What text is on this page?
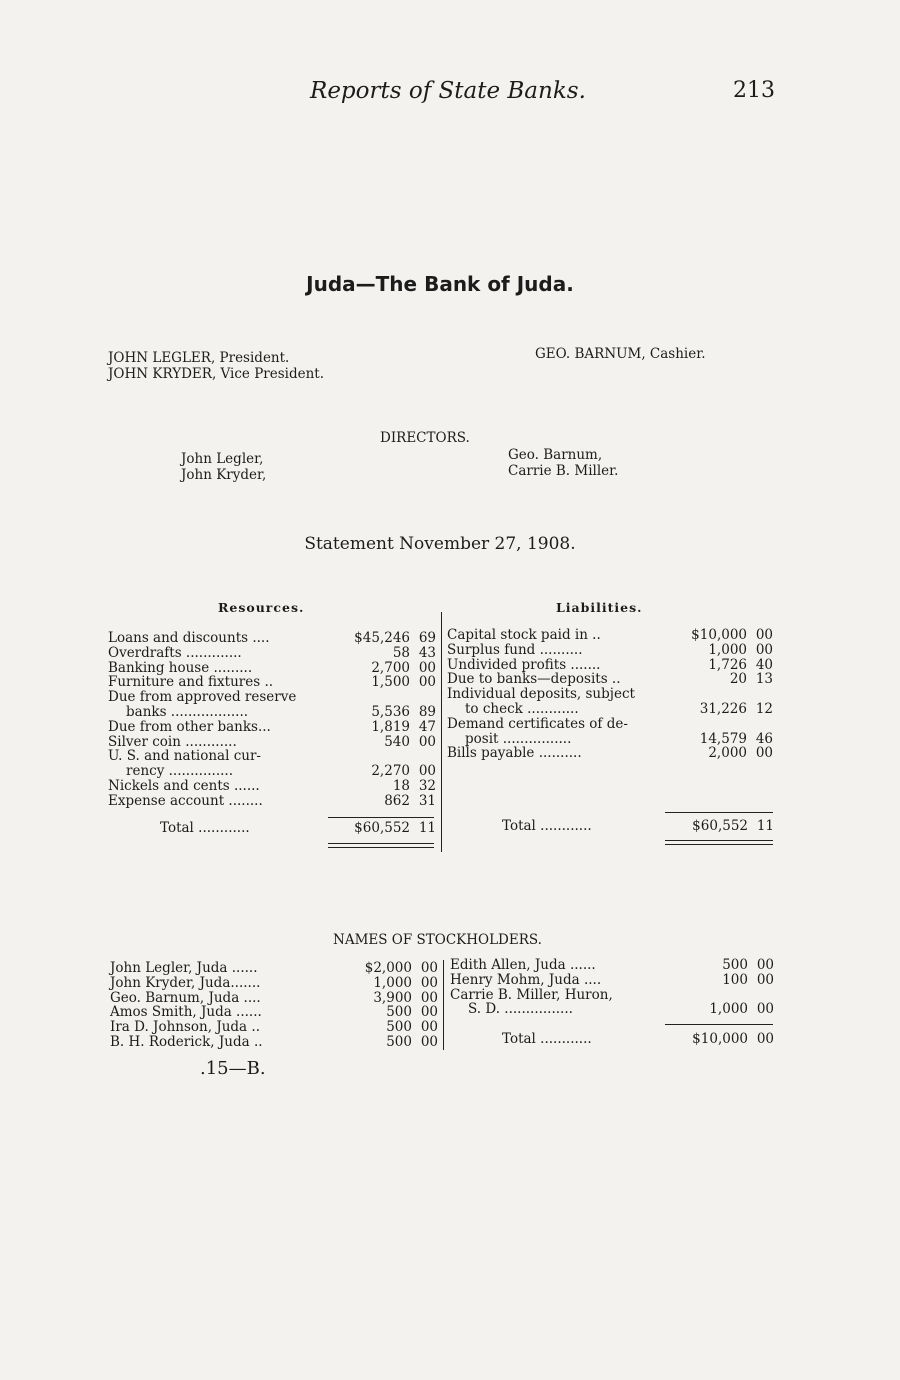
Reports of State Banks.	213
Juda—The Bank of Juda.
JOHN LEGLER, President.
JOHN KRYDER, Vice President.
GEO. BARNUM, Cashier.
DIRECTORS.
John Legler,
John Kryder,
Geo. Barnum,
Carrie B. Miller.
Statement November 27, 1908.
Resources.	Liabilities.
Loans and discounts ....	$45,246	69
Overdrafts .............	58	43
Banking house .........	2,700	00
Furniture and fixtures ..	1,500	00
Due from approved reserve		
banks ..................	5,536	89
Due from other banks...	1,819	47
Silver coin ............	540	00
U. S. and national cur-		
rency ...............	2,270	00
Nickels and cents ......	18	32
Expense account ........	862	31
Total ............	$60,552	11
Capital stock paid in ..	$10,000	00
Surplus fund ..........	1,000	00
Undivided profits .......	1,726	40
Due to banks—deposits ..	20	13
Individual deposits, subject		
to check ............	31,226	12
Demand certificates of de-		
posit ................	14,579	46
Bills payable ..........	2,000	00
Total ............	$60,552	11
NAMES OF STOCKHOLDERS.
John Legler, Juda ......	$2,000	00
John Kryder, Juda.......	1,000	00
Geo. Barnum, Juda ....	3,900	00
Amos Smith, Juda ......	500	00
Ira D. Johnson, Juda ..	500	00
B. H. Roderick, Juda ..	500	00
Edith Allen, Juda ......	500	00
Henry Mohm, Juda ....	100	00
Carrie B. Miller, Huron,		
S. D. ................	1,000	00
Total ............	$10,000	00
.15—B.
